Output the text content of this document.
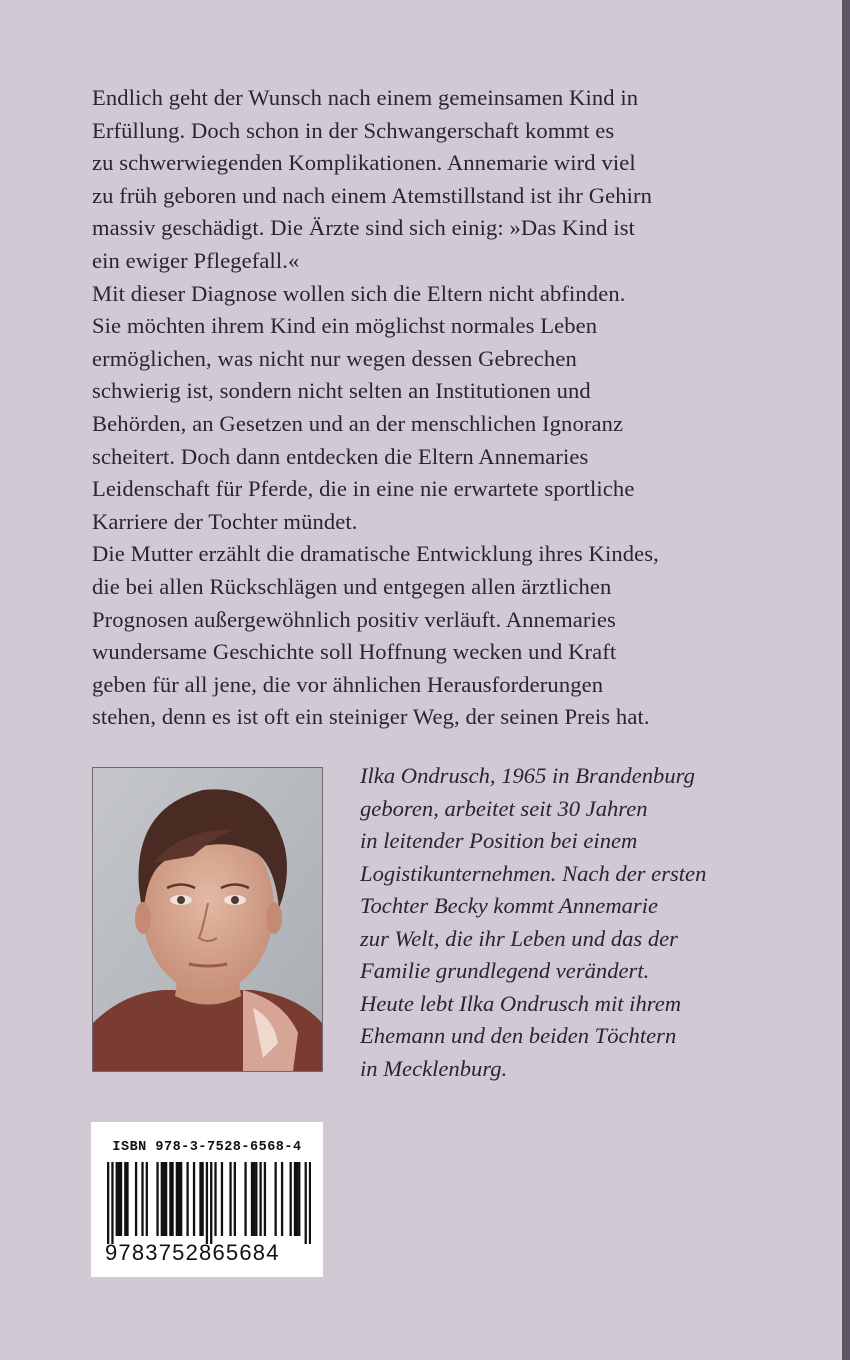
Endlich geht der Wunsch nach einem gemeinsamen Kind in
Erfüllung. Doch schon in der Schwangerschaft kommt es
zu schwerwiegenden Komplikationen. Annemarie wird viel
zu früh geboren und nach einem Atemstillstand ist ihr Gehirn
massiv geschädigt. Die Ärzte sind sich einig: »Das Kind ist
ein ewiger Pflegefall.«
Mit dieser Diagnose wollen sich die Eltern nicht abfinden.
Sie möchten ihrem Kind ein möglichst normales Leben
ermöglichen, was nicht nur wegen dessen Gebrechen
schwierig ist, sondern nicht selten an Institutionen und
Behörden, an Gesetzen und an der menschlichen Ignoranz
scheitert. Doch dann entdecken die Eltern Annemaries
Leidenschaft für Pferde, die in eine nie erwartete sportliche
Karriere der Tochter mündet.
Die Mutter erzählt die dramatische Entwicklung ihres Kindes,
die bei allen Rückschlägen und entgegen allen ärztlichen
Prognosen außergewöhnlich positiv verläuft. Annemaries
wundersame Geschichte soll Hoffnung wecken und Kraft
geben für all jene, die vor ähnlichen Herausforderungen
stehen, denn es ist oft ein steiniger Weg, der seinen Preis hat.
Ilka Ondrusch, 1965 in Brandenburg
geboren, arbeitet seit 30 Jahren
in leitender Position bei einem
Logistikunternehmen. Nach der ersten
Tochter Becky kommt Annemarie
zur Welt, die ihr Leben und das der
Familie grundlegend verändert.
Heute lebt Ilka Ondrusch mit ihrem
Ehemann und den beiden Töchtern
in Mecklenburg.
ISBN 978-3-7528-6568-4
9783752865684
